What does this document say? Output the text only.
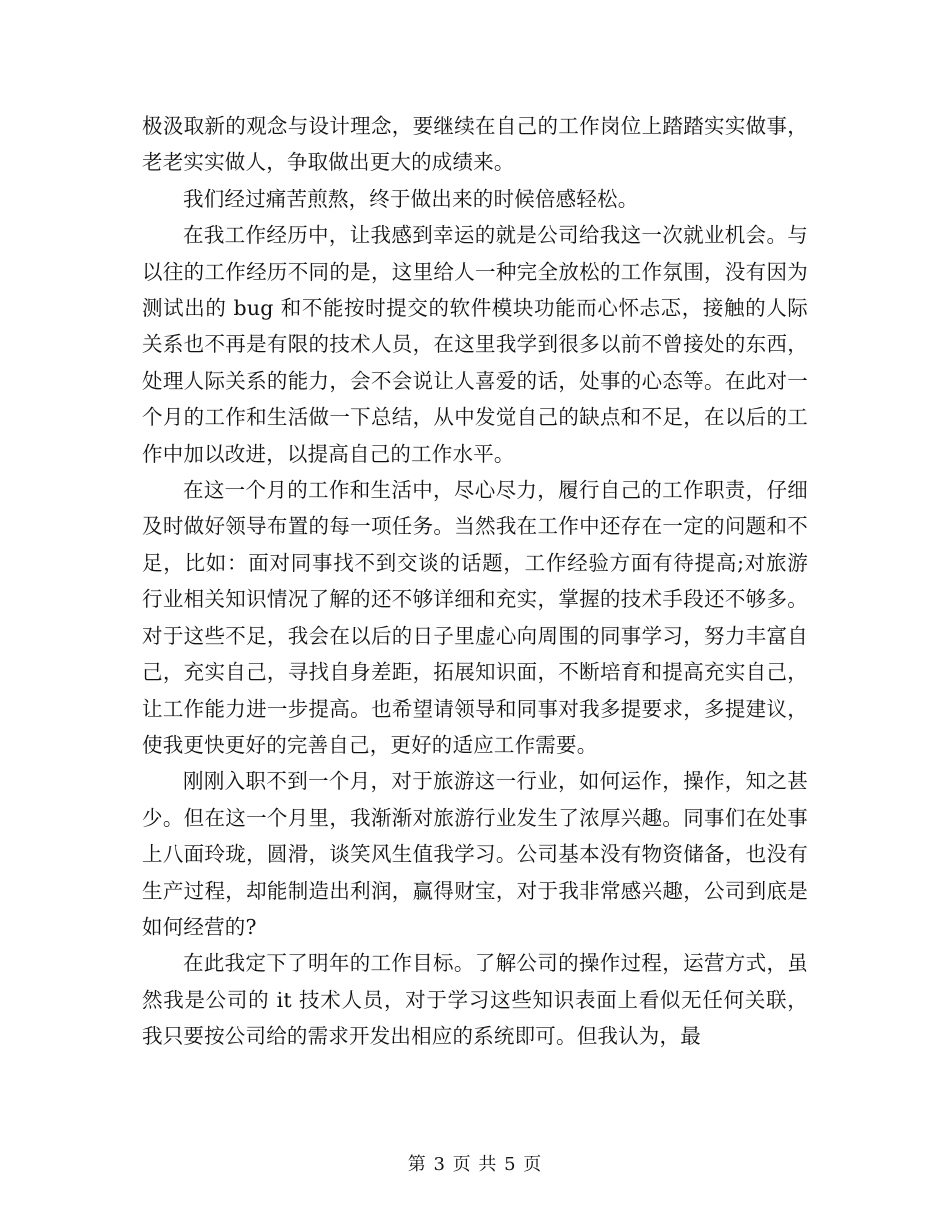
极汲取新的观念与设计理念，要继续在自己的工作岗位上踏踏实实做事，老老实实做人，争取做出更大的成绩来。

我们经过痛苦煎熬，终于做出来的时候倍感轻松。

在我工作经历中，让我感到幸运的就是公司给我这一次就业机会。与以往的工作经历不同的是，这里给人一种完全放松的工作氛围，没有因为测试出的 bug 和不能按时提交的软件模块功能而心怀忐忑，接触的人际关系也不再是有限的技术人员，在这里我学到很多以前不曾接处的东西，处理人际关系的能力，会不会说让人喜爱的话，处事的心态等。在此对一个月的工作和生活做一下总结，从中发觉自己的缺点和不足，在以后的工作中加以改进，以提高自己的工作水平。

在这一个月的工作和生活中，尽心尽力，履行自己的工作职责，仔细及时做好领导布置的每一项任务。当然我在工作中还存在一定的问题和不足，比如：面对同事找不到交谈的话题，工作经验方面有待提高;对旅游行业相关知识情况了解的还不够详细和充实，掌握的技术手段还不够多。对于这些不足，我会在以后的日子里虚心向周围的同事学习，努力丰富自己，充实自己，寻找自身差距，拓展知识面，不断培育和提高充实自己，让工作能力进一步提高。也希望请领导和同事对我多提要求，多提建议，使我更快更好的完善自己，更好的适应工作需要。

刚刚入职不到一个月，对于旅游这一行业，如何运作，操作，知之甚少。但在这一个月里，我渐渐对旅游行业发生了浓厚兴趣。同事们在处事上八面玲珑，圆滑，谈笑风生值我学习。公司基本没有物资储备，也没有生产过程，却能制造出利润，赢得财宝，对于我非常感兴趣，公司到底是如何经营的?

在此我定下了明年的工作目标。了解公司的操作过程，运营方式，虽然我是公司的 it 技术人员，对于学习这些知识表面上看似无任何关联，我只要按公司给的需求开发出相应的系统即可。但我认为，最

第 3 页 共 5 页
